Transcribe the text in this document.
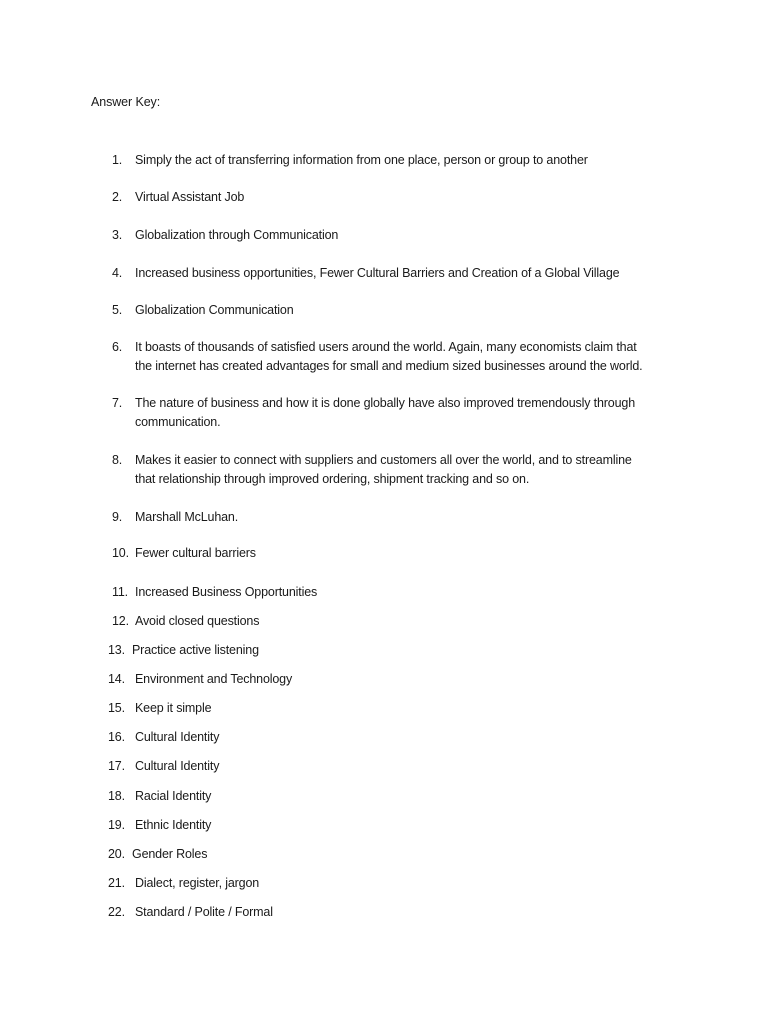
Answer Key:
1. Simply the act of transferring information from one place, person or group to another
2. Virtual Assistant Job
3. Globalization through Communication
4. Increased business opportunities, Fewer Cultural Barriers and Creation of a Global Village
5. Globalization Communication
6. It boasts of thousands of satisfied users around the world. Again, many economists claim that
the internet has created advantages for small and medium sized businesses around the world.
7. The nature of business and how it is done globally have also improved tremendously through
communication.
8. Makes it easier to connect with suppliers and customers all over the world, and to streamline
that relationship through improved ordering, shipment tracking and so on.
9. Marshall McLuhan.
10. Fewer cultural barriers
11. Increased Business Opportunities
12. Avoid closed questions
13. Practice active listening
14. Environment and Technology
15. Keep it simple
16. Cultural Identity
17. Cultural Identity
18. Racial Identity
19. Ethnic Identity
20. Gender Roles
21. Dialect, register, jargon
22. Standard / Polite / Formal
